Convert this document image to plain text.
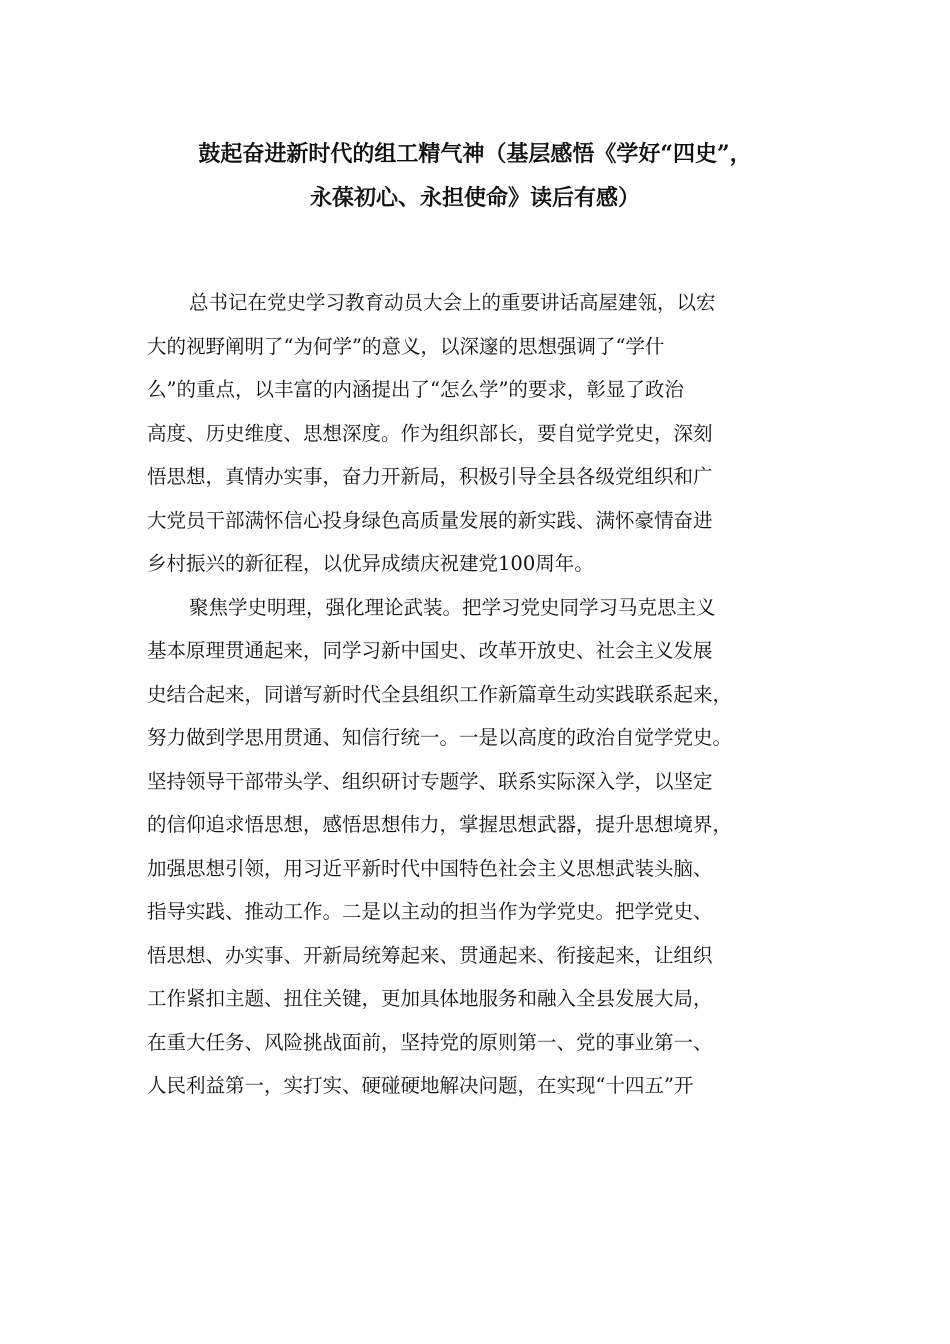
鼓起奋进新时代的组工精气神（基层感悟《学好“四史”，
永葆初心、永担使命》读后有感）
总书记在党史学习教育动员大会上的重要讲话高屋建瓴，以宏
大的视野阐明了“为何学”的意义，以深邃的思想强调了“学什
么”的重点，以丰富的内涵提出了“怎么学”的要求，彰显了政治
高度、历史维度、思想深度。作为组织部长，要自觉学党史，深刻
悟思想，真情办实事，奋力开新局，积极引导全县各级党组织和广
大党员干部满怀信心投身绿色高质量发展的新实践、满怀豪情奋进
乡村振兴的新征程，以优异成绩庆祝建党100周年。
聚焦学史明理，强化理论武装。把学习党史同学习马克思主义
基本原理贯通起来，同学习新中国史、改革开放史、社会主义发展
史结合起来，同谱写新时代全县组织工作新篇章生动实践联系起来，
努力做到学思用贯通、知信行统一。一是以高度的政治自觉学党史。
坚持领导干部带头学、组织研讨专题学、联系实际深入学，以坚定
的信仰追求悟思想，感悟思想伟力，掌握思想武器，提升思想境界，
加强思想引领，用习近平新时代中国特色社会主义思想武装头脑、
指导实践、推动工作。二是以主动的担当作为学党史。把学党史、
悟思想、办实事、开新局统筹起来、贯通起来、衔接起来，让组织
工作紧扣主题、扭住关键，更加具体地服务和融入全县发展大局，
在重大任务、风险挑战面前，坚持党的原则第一、党的事业第一、
人民利益第一，实打实、硬碰硬地解决问题，在实现“十四五”开
